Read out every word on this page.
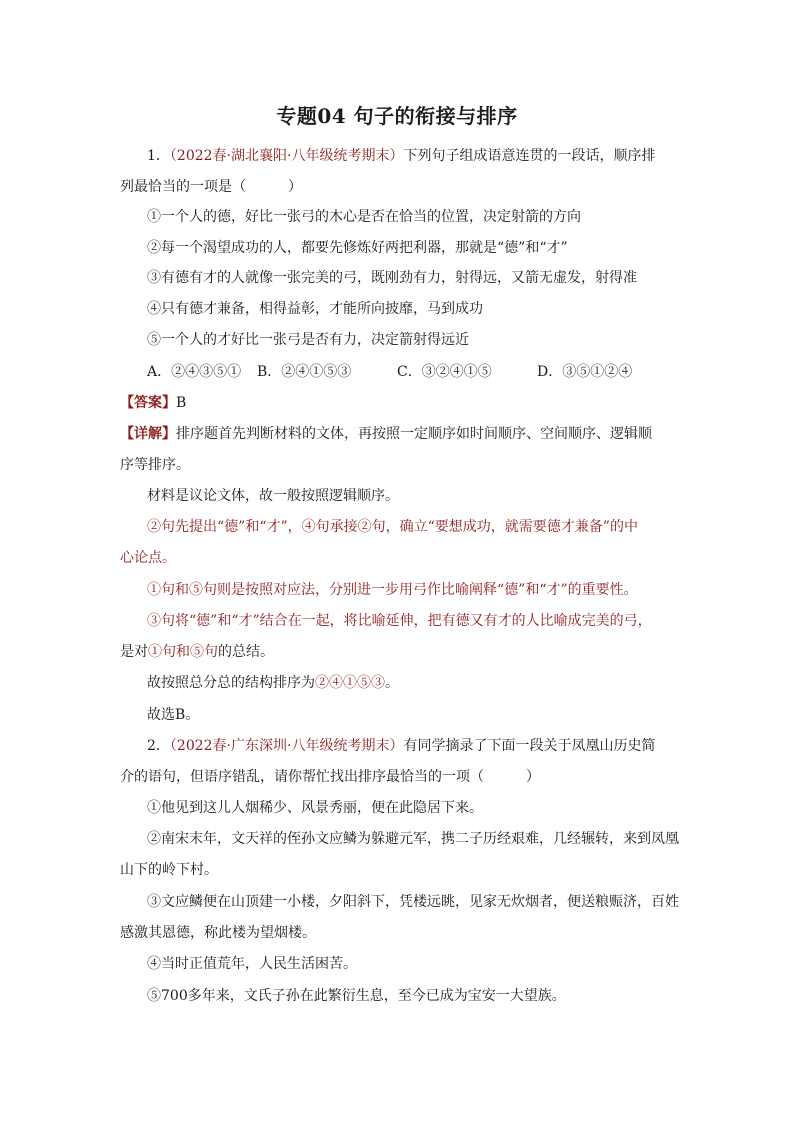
专题04 句子的衔接与排序
1．（2022春·湖北襄阳·八年级统考期末）下列句子组成语意连贯的一段话，顺序排
列最恰当的一项是（　　　）
①一个人的德，好比一张弓的木心是否在恰当的位置，决定射箭的方向
②每一个渴望成功的人，都要先修炼好两把利器，那就是“德”和“才”
③有德有才的人就像一张完美的弓，既刚劲有力，射得远，又箭无虚发，射得准
④只有德才兼备，相得益彰，才能所向披靡，马到成功
⑤一个人的才好比一张弓是否有力，决定箭射得远近
A．②④③⑤① B．②④①⑤③	C．③②④①⑤	D．③⑤①②④
【答案】B
【详解】排序题首先判断材料的文体，再按照一定顺序如时间顺序、空间顺序、逻辑顺
序等排序。
材料是议论文体，故一般按照逻辑顺序。
②句先提出“德”和“才”，④句承接②句，确立“要想成功，就需要德才兼备”的中
心论点。
①句和⑤句则是按照对应法，分别进一步用弓作比喻阐释“德”和“才”的重要性。
③句将“德”和“才”结合在一起，将比喻延伸，把有德又有才的人比喻成完美的弓，
是对①句和⑤句的总结。
故按照总分总的结构排序为②④①⑤③。
故选B。
2．（2022春·广东深圳·八年级统考期末）有同学摘录了下面一段关于凤凰山历史简
介的语句，但语序错乱，请你帮忙找出排序最恰当的一项（　　　）
①他见到这儿人烟稀少、风景秀丽，便在此隐居下来。
②南宋末年，文天祥的侄孙文应鳞为躲避元军，携二子历经艰难，几经辗转，来到凤凰
山下的岭下村。
③文应鳞便在山顶建一小楼，夕阳斜下，凭楼远眺，见家无炊烟者，便送粮赈济，百姓
感激其恩德，称此楼为望烟楼。
④当时正值荒年，人民生活困苦。
⑤700多年来，文氏子孙在此繁衍生息，至今已成为宝安一大望族。
